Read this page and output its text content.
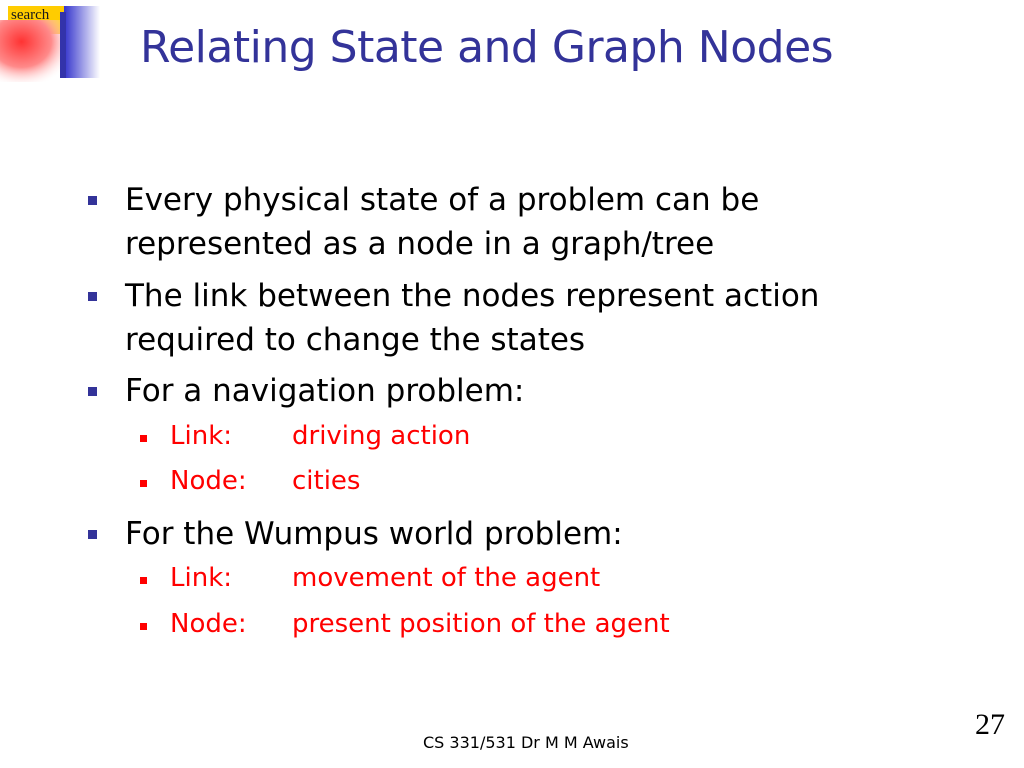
search
Relating State and Graph Nodes
Every physical state of a problem can be represented as a node in a graph/tree
The link between the nodes represent action required to change the states
For a navigation problem:
Link: driving action
Node: cities
For the Wumpus world problem:
Link: movement of the agent
Node: present position of the agent
CS 331/531 Dr M M Awais
27
